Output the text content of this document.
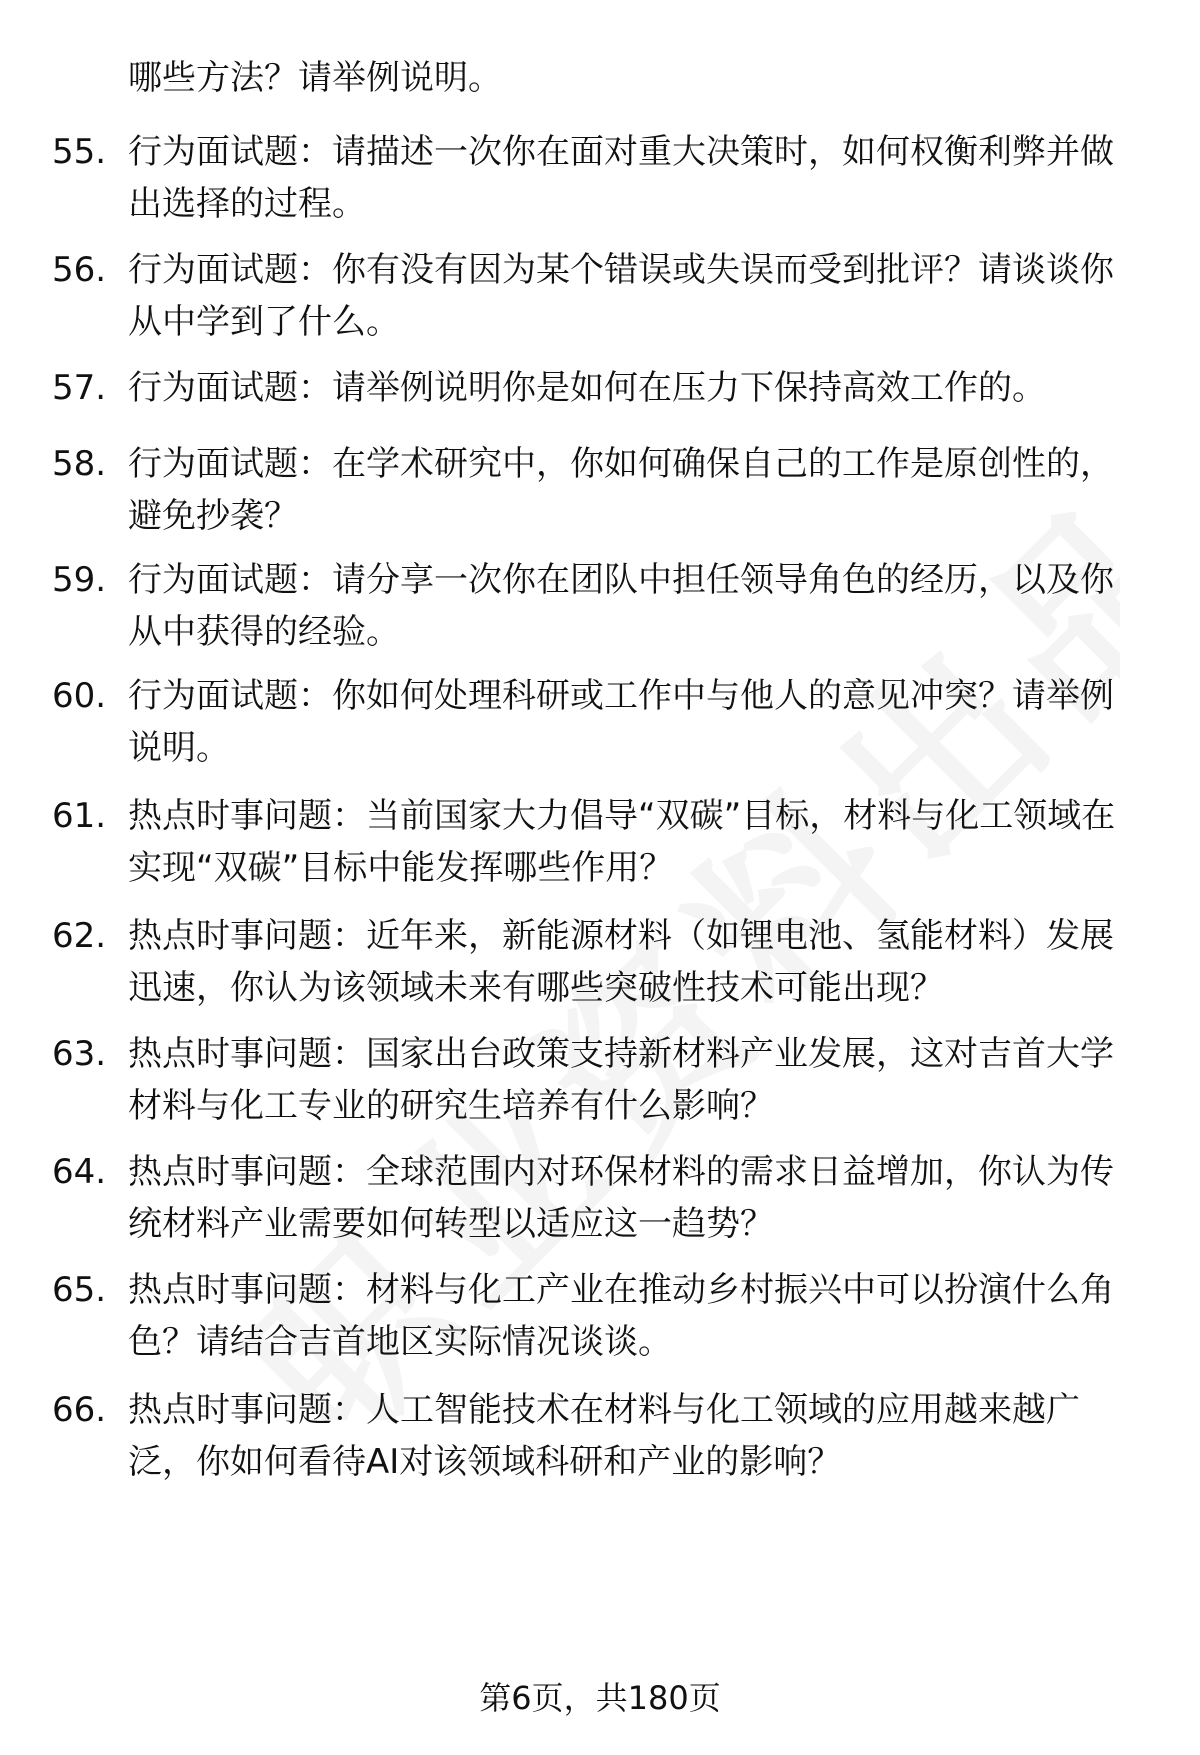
哪些方法？请举例说明。
55. 行为面试题：请描述一次你在面对重大决策时，如何权衡利弊并做出选择的过程。
56. 行为面试题：你有没有因为某个错误或失误而受到批评？请谈谈你从中学到了什么。
57. 行为面试题：请举例说明你是如何在压力下保持高效工作的。
58. 行为面试题：在学术研究中，你如何确保自己的工作是原创性的，避免抄袭？
59. 行为面试题：请分享一次你在团队中担任领导角色的经历，以及你从中获得的经验。
60. 行为面试题：你如何处理科研或工作中与他人的意见冲突？请举例说明。
61. 热点时事问题：当前国家大力倡导“双碳”目标，材料与化工领域在实现“双碳”目标中能发挥哪些作用？
62. 热点时事问题：近年来，新能源材料（如锂电池、氢能材料）发展迅速，你认为该领域未来有哪些突破性技术可能出现？
63. 热点时事问题：国家出台政策支持新材料产业发展，这对吉首大学材料与化工专业的研究生培养有什么影响？
64. 热点时事问题：全球范围内对环保材料的需求日益增加，你认为传统材料产业需要如何转型以适应这一趋势？
65. 热点时事问题：材料与化工产业在推动乡村振兴中可以扮演什么角色？请结合吉首地区实际情况谈谈。
66. 热点时事问题：人工智能技术在材料与化工领域的应用越来越广泛，你如何看待AI对该领域科研和产业的影响？
第6页，共180页
